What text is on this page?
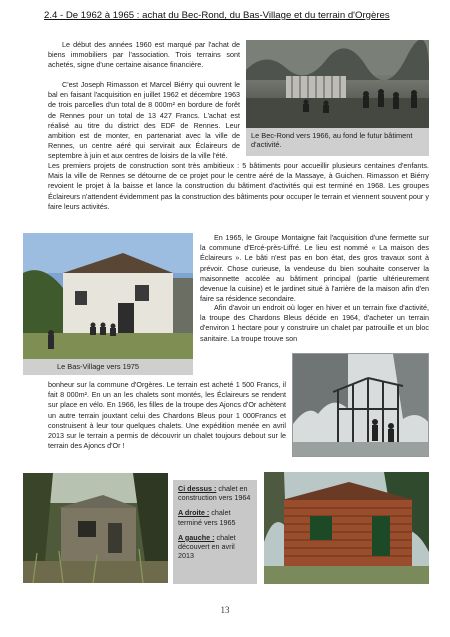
2.4 - De 1962 à 1965 : achat du Bec-Rond, du Bas-Village et du terrain d'Orgères

Le début des années 1960 est marqué par l'achat de biens immobiliers par l'association. Trois terrains sont achetés, signe d'une certaine aisance financière.

C'est Joseph Rimasson et Marcel Biérry qui ouvrent le bal en faisant l'acquisition en juillet 1962 et décembre 1963 de trois parcelles d'un total de 8 000m² en bordure de forêt de Rennes pour un total de 13 427 Francs. L'achat est réalisé au titre du district des EDF de Rennes. Leur ambition est de monter, en partenariat avec la ville de Rennes, un centre aéré qui servirait aux Éclaireurs de septembre à juin et aux centres de loisirs de la ville l'été.

Le Bec-Rond vers 1966, au fond le futur bâtiment d'activité.

Les premiers projets de construction sont très ambitieux : 5 bâtiments pour accueillir plusieurs centaines d'enfants. Mais la ville de Rennes se détourne de ce projet pour le centre aéré de la Massaye, à Guichen. Rimasson et Biérry revoient le projet à la baisse et lance la construction du bâtiment d'activités qui est terminé en 1968. Les groupes Éclaireurs n'attendent évidemment pas la construction des bâtiments pour occuper le terrain et viennent souvent pour y faire leurs activités.

Le Bas-Village vers 1975

En 1965, le Groupe Montaigne fait l'acquisition d'une fermette sur la commune d'Ercé-près-Liffré. Le lieu est nommé « La maison des Éclaireurs ». Le bâti n'est pas en bon état, des gros travaux sont à prévoir. Chose curieuse, la vendeuse du bien souhaite conserver la maisonnette accolée au bâtiment principal (partie ultérieurement devenue la cuisine) et le jardinet situé à l'arrière de la maison afin d'en faire sa résidence secondaire.

Afin d'avoir un endroit où loger en hiver et un terrain fixe d'activité, la troupe des Chardons Bleus décide en 1964, d'acheter un terrain d'environ 1 hectare pour y construire un chalet par patrouille et un bloc sanitaire. La troupe trouve son

bonheur sur la commune d'Orgères. Le terrain est acheté 1 500 Francs, il fait 8 000m². En un an les chalets sont montés, les Éclaireurs se rendent sur place en vélo. En 1966, les filles de la troupe des Ajoncs d'Or achètent un autre terrain jouxtant celui des Chardons Bleus pour 1 000Francs et construisent à leur tour quelques chalets. Une expédition menée en avril 2013 sur le terrain a permis de découvrir un chalet toujours debout sur le terrain des Ajoncs d'Or !

Ci dessus : chalet en construction vers 1964
A droite : chalet terminé vers 1965
A gauche : chalet découvert en avril 2013
13
